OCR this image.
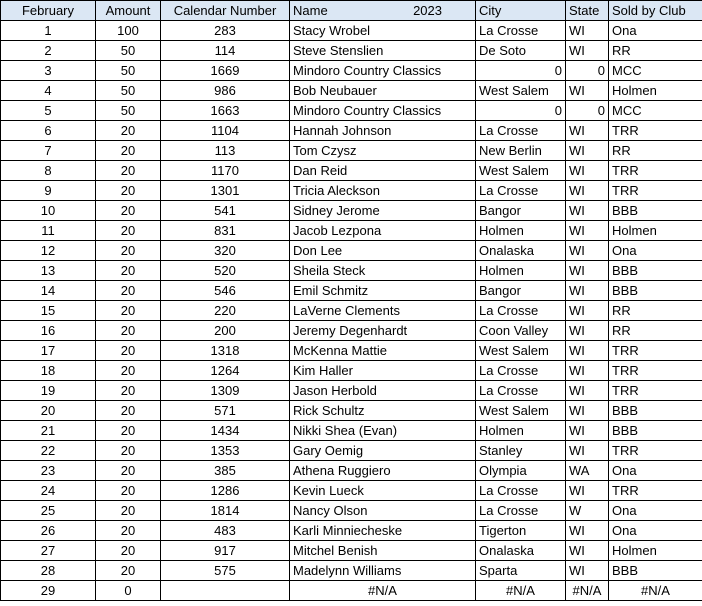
February	Amount	Calendar Number	Name 2023	City	State	Sold by Club
1	100	283	Stacy Wrobel	La Crosse	WI	Ona
2	50	114	Steve Stenslien	De Soto	WI	RR
3	50	1669	Mindoro Country Classics	0	0	MCC
4	50	986	Bob Neubauer	West Salem	WI	Holmen
5	50	1663	Mindoro Country Classics	0	0	MCC
6	20	1104	Hannah Johnson	La Crosse	WI	TRR
7	20	113	Tom Czysz	New Berlin	WI	RR
8	20	1170	Dan Reid	West Salem	WI	TRR
9	20	1301	Tricia Aleckson	La Crosse	WI	TRR
10	20	541	Sidney Jerome	Bangor	WI	BBB
11	20	831	Jacob Lezpona	Holmen	WI	Holmen
12	20	320	Don Lee	Onalaska	WI	Ona
13	20	520	Sheila Steck	Holmen	WI	BBB
14	20	546	Emil Schmitz	Bangor	WI	BBB
15	20	220	LaVerne Clements	La Crosse	WI	RR
16	20	200	Jeremy Degenhardt	Coon Valley	WI	RR
17	20	1318	McKenna Mattie	West Salem	WI	TRR
18	20	1264	Kim Haller	La Crosse	WI	TRR
19	20	1309	Jason Herbold	La Crosse	WI	TRR
20	20	571	Rick Schultz	West Salem	WI	BBB
21	20	1434	Nikki Shea (Evan)	Holmen	WI	BBB
22	20	1353	Gary Oemig	Stanley	WI	TRR
23	20	385	Athena Ruggiero	Olympia	WA	Ona
24	20	1286	Kevin Lueck	La Crosse	WI	TRR
25	20	1814	Nancy Olson	La Crosse	W	Ona
26	20	483	Karli Minniecheske	Tigerton	WI	Ona
27	20	917	Mitchel Benish	Onalaska	WI	Holmen
28	20	575	Madelynn Williams	Sparta	WI	BBB
29	0		#N/A	#N/A	#N/A	#N/A
